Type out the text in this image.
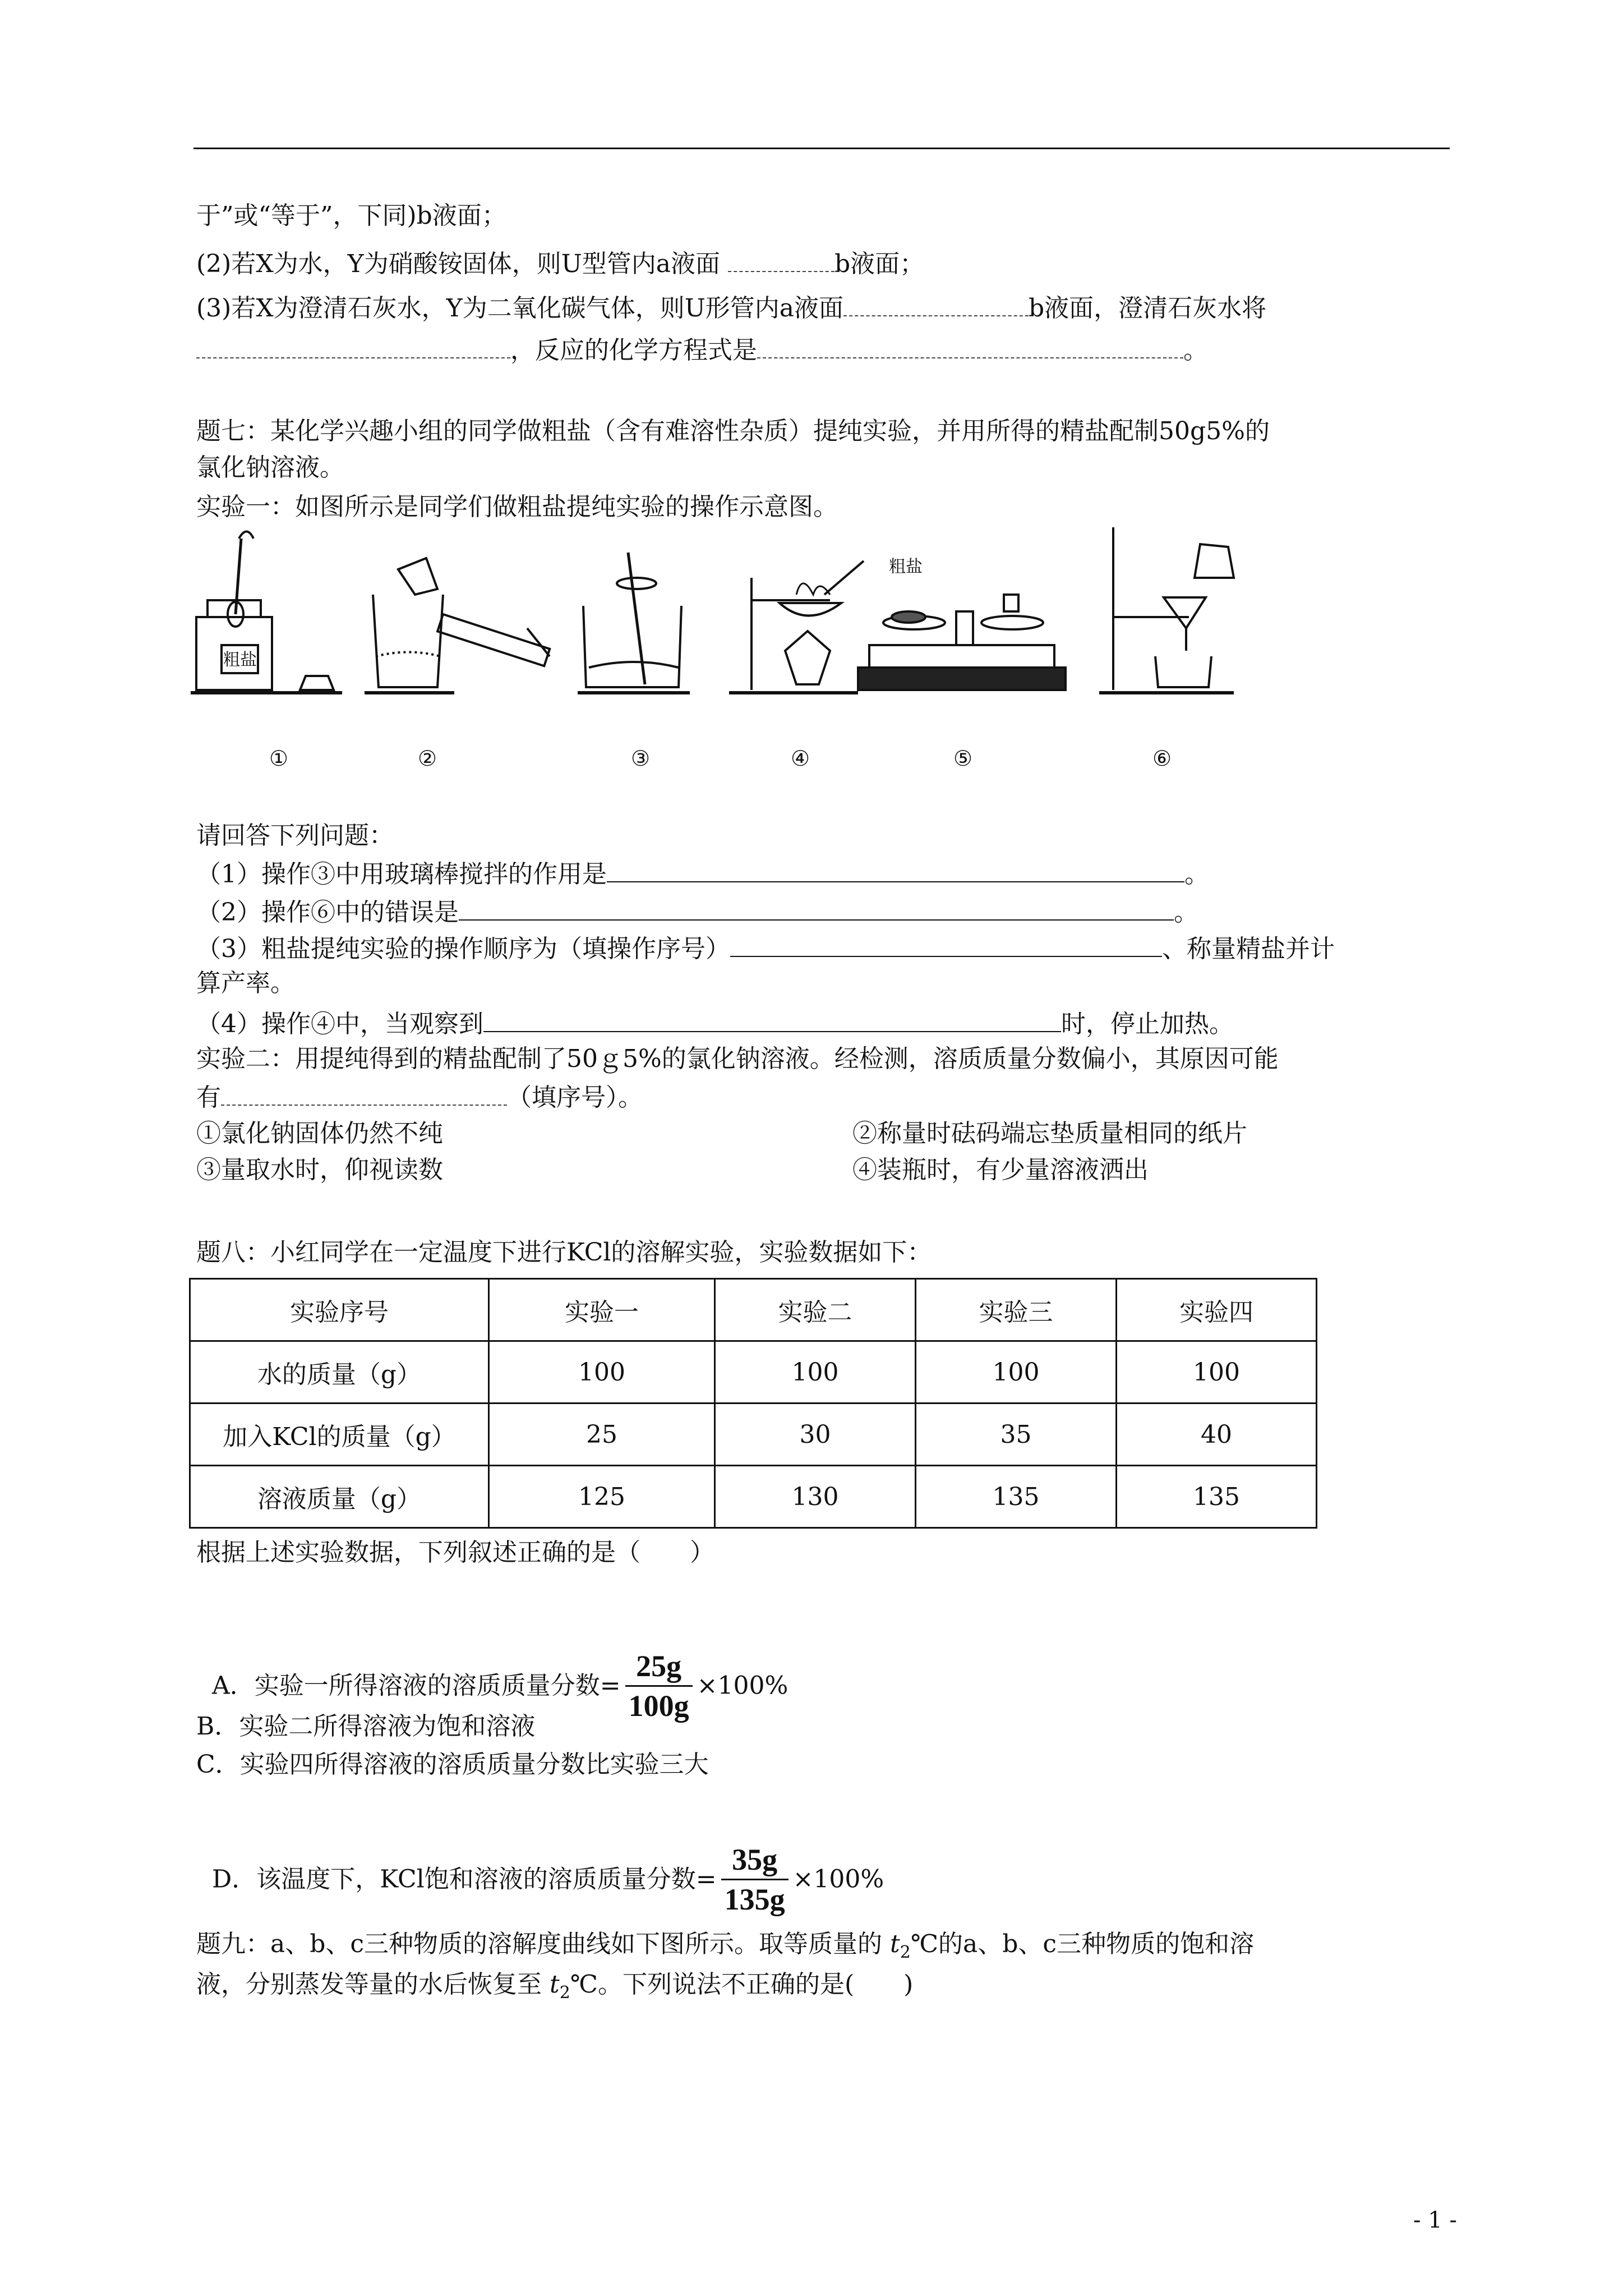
于”或“等于”，下同)b液面；
(2)若X为水，Y为硝酸铵固体，则U型管内a液面	b液面；
(3)若X为澄清石灰水，Y为二氧化碳气体，则U形管内a液面	b液面，澄清石灰水将
，反应的化学方程式是	。
题七：某化学兴趣小组的同学做粗盐（含有难溶性杂质）提纯实验，并用所得的精盐配制50g5%的
氯化钠溶液。
实验一：如图所示是同学们做粗盐提纯实验的操作示意图。
粗盐
粗盐
①	②	③	④	⑤	⑥
请回答下列问题：
（1）操作③中用玻璃棒搅拌的作用是	。
（2）操作⑥中的错误是	。
（3）粗盐提纯实验的操作顺序为（填操作序号）	、称量精盐并计
算产率。
（4）操作④中，当观察到	时，停止加热。
实验二：用提纯得到的精盐配制了50ｇ5%的氯化钠溶液。经检测，溶质质量分数偏小，其原因可能
有	（填序号）。
①氯化钠固体仍然不纯	②称量时砝码端忘垫质量相同的纸片
③量取水时，仰视读数	④装瓶时，有少量溶液洒出
题八：小红同学在一定温度下进行KCl的溶解实验，实验数据如下：
实验序号	实验一	实验二	实验三	实验四
水的质量（g）	100	100	100	100
加入KCl的质量（g）	25	30	35	40
溶液质量（g）	125	130	135	135
根据上述实验数据，下列叙述正确的是（　　）

A．实验一所得溶液的溶质质量分数= $\frac{25g}{100g} \times 100\%$

B．实验二所得溶液为饱和溶液
C．实验四所得溶液的溶质质量分数比实验三大

D．该温度下，KCl饱和溶液的溶质质量分数= $\frac{35g}{135g} \times 100\%$

题九：a、b、c三种物质的溶解度曲线如下图所示。取等质量的 $t_2℃$的a、b、c三种物质的饱和溶
液，分别蒸发等量的水后恢复至 $t_2℃$。下列说法不正确的是(　　)
- 1 -
